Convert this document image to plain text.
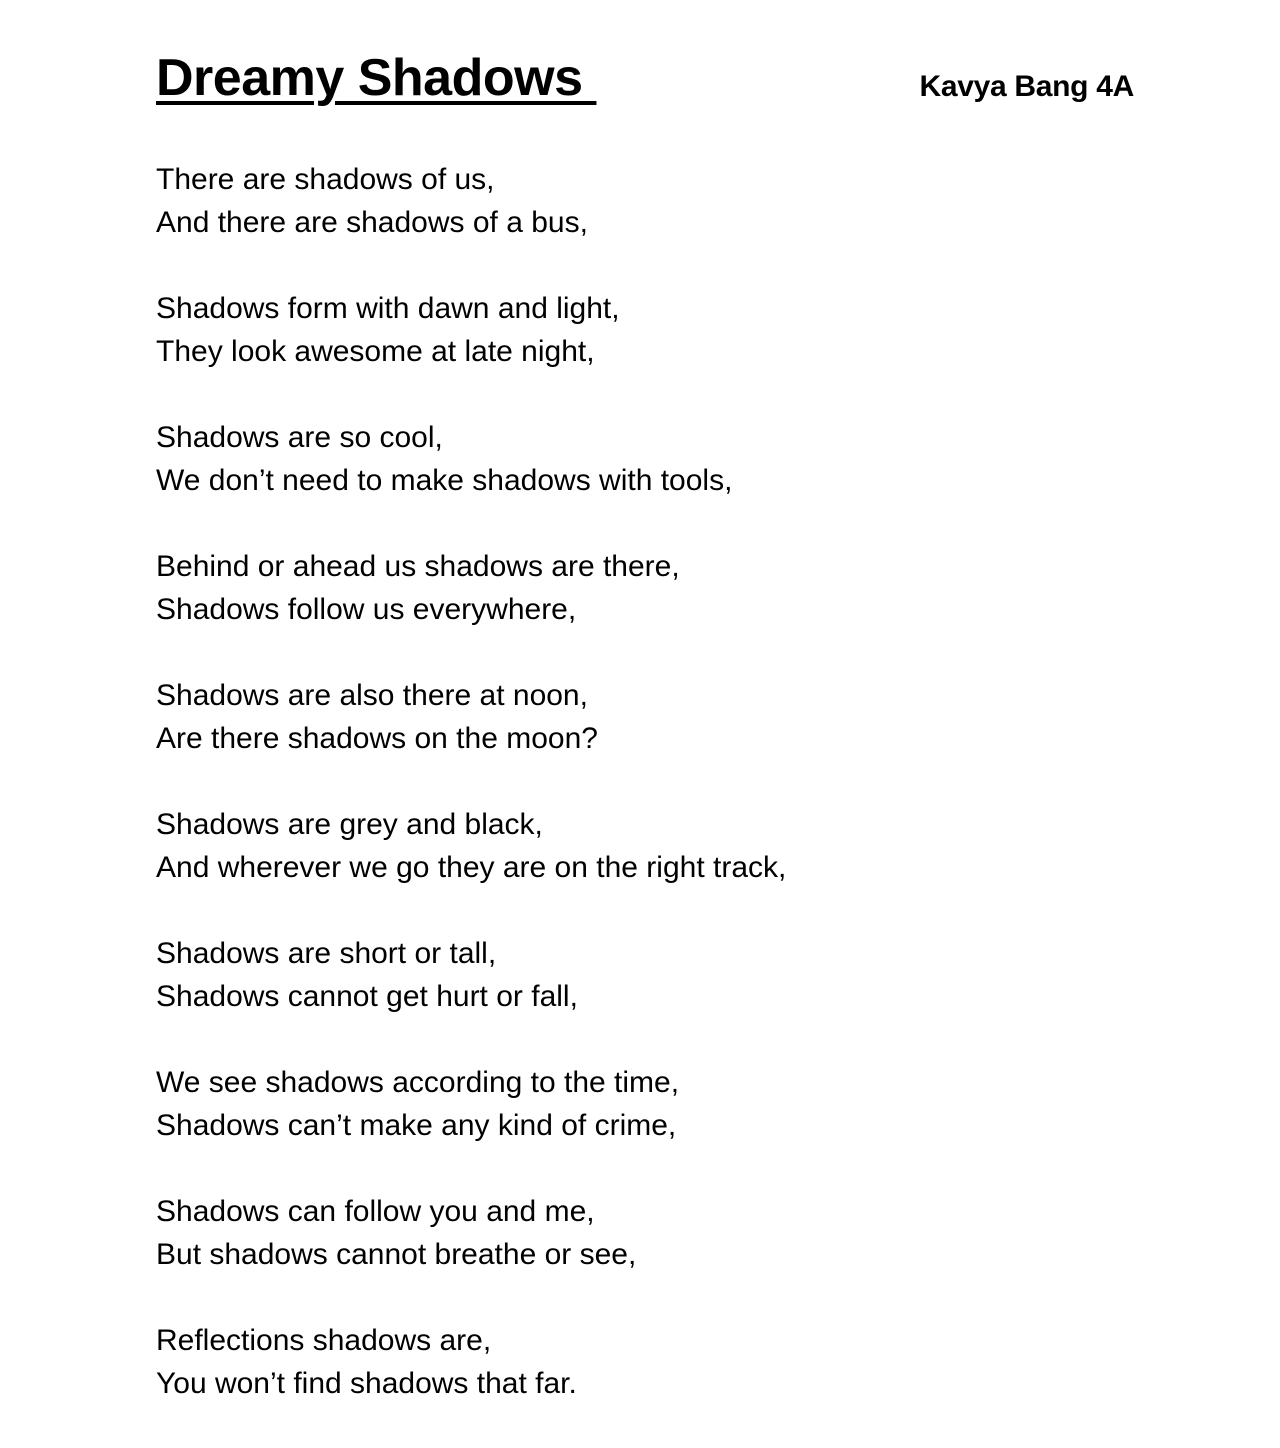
Dreamy Shadows	Kavya Bang 4A
There are shadows of us,
And there are shadows of a bus,
Shadows form with dawn and light,
They look awesome at late night,
Shadows are so cool,
We don’t need to make shadows with tools,
Behind or ahead us shadows are there,
Shadows follow us everywhere,
Shadows are also there at noon,
Are there shadows on the moon?
Shadows are grey and black,
And wherever we go they are on the right track,
Shadows are short or tall,
Shadows cannot get hurt or fall,
We see shadows according to the time,
Shadows can’t make any kind of crime,
Shadows can follow you and me,
But shadows cannot breathe or see,
Reflections shadows are,
You won’t find shadows that far.
